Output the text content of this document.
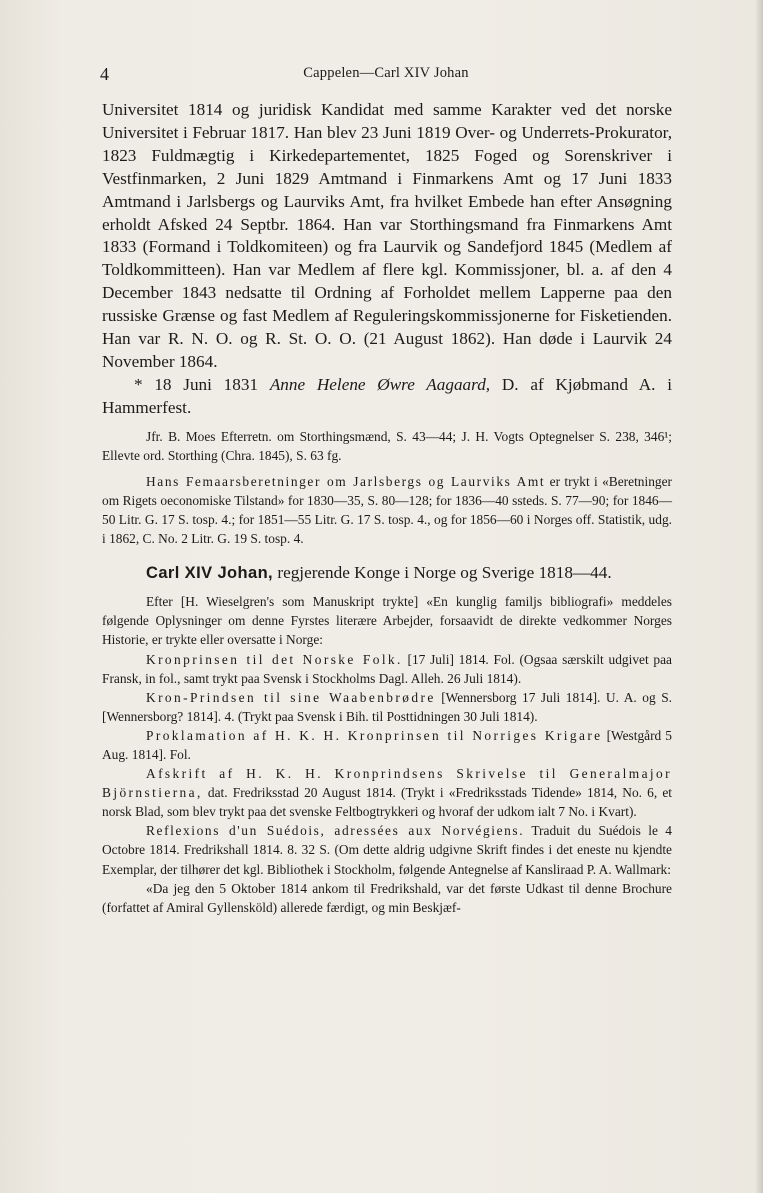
4	Cappelen—Carl XIV Johan

Universitet 1814 og juridisk Kandidat med samme Karakter ved det norske Universitet i Februar 1817. Han blev 23 Juni 1819 Over- og Underrets-Prokurator, 1823 Fuldmægtig i Kirkedepartementet, 1825 Foged og Sorenskriver i Vestfinmarken, 2 Juni 1829 Amtmand i Finmarkens Amt og 17 Juni 1833 Amtmand i Jarlsbergs og Laurviks Amt, fra hvilket Embede han efter Ansøgning erholdt Afsked 24 Septbr. 1864. Han var Storthingsmand fra Finmarkens Amt 1833 (Formand i Toldkomiteen) og fra Laurvik og Sandefjord 1845 (Medlem af Toldkommitteen). Han var Medlem af flere kgl. Kommissjoner, bl. a. af den 4 December 1843 nedsatte til Ordning af Forholdet mellem Lapperne paa den russiske Grænse og fast Medlem af Reguleringskommissjonerne for Fisketienden. Han var R. N. O. og R. St. O. O. (21 August 1862). Han døde i Laurvik 24 November 1864.

* 18 Juni 1831 Anne Helene Øwre Aagaard, D. af Kjøbmand A. i Hammerfest.

Jfr. B. Moes Efterretn. om Storthingsmænd, S. 43—44; J. H. Vogts Optegnelser S. 238, 346¹; Ellevte ord. Storthing (Chra. 1845), S. 63 fg.

Hans Femaarsberetninger om Jarlsbergs og Laurviks Amt er trykt i «Beretninger om Rigets oeconomiske Tilstand» for 1830—35, S. 80—128; for 1836—40 ssteds. S. 77—90; for 1846—50 Litr. G. 17 S. tosp. 4.; for 1851—55 Litr. G. 17 S. tosp. 4., og for 1856—60 i Norges off. Statistik, udg. i 1862, C. No. 2 Litr. G. 19 S. tosp. 4.

Carl XIV Johan, regjerende Konge i Norge og Sverige 1818—44.

Efter [H. Wieselgren's som Manuskript trykte] «En kunglig familjs bibliografi» meddeles følgende Oplysninger om denne Fyrstes literære Arbejder, forsaavidt de direkte vedkommer Norges Historie, er trykte eller oversatte i Norge:

Kronprinsen til det Norske Folk. [17 Juli] 1814. Fol. (Ogsaa særskilt udgivet paa Fransk, in fol., samt trykt paa Svensk i Stockholms Dagl. Alleh. 26 Juli 1814).

Kron-Prindsen til sine Waabenbrødre [Wennersborg 17 Juli 1814]. U. A. og S. [Wennersborg? 1814]. 4. (Trykt paa Svensk i Bih. til Posttidningen 30 Juli 1814).

Proklamation af H. K. H. Kronprinsen til Norriges Krigare [Westgård 5 Aug. 1814]. Fol.

Afskrift af H. K. H. Kronprindsens Skrivelse til Generalmajor Björnstierna, dat. Fredriksstad 20 August 1814. (Trykt i «Fredriksstads Tidende» 1814, No. 6, et norsk Blad, som blev trykt paa det svenske Feltbogtrykkeri og hvoraf der udkom ialt 7 No. i Kvart).

Reflexions d'un Suédois, adressées aux Norvégiens. Traduit du Suédois le 4 Octobre 1814. Fredrikshall 1814. 8. 32 S. (Om dette aldrig udgivne Skrift findes i det eneste nu kjendte Exemplar, der tilhører det kgl. Bibliothek i Stockholm, følgende Antegnelse af Kansliraad P. A. Wallmark:

«Da jeg den 5 Oktober 1814 ankom til Fredrikshald, var det første Udkast til denne Brochure (forfattet af Amiral Gyllensköld) allerede færdigt, og min Beskjæf-
